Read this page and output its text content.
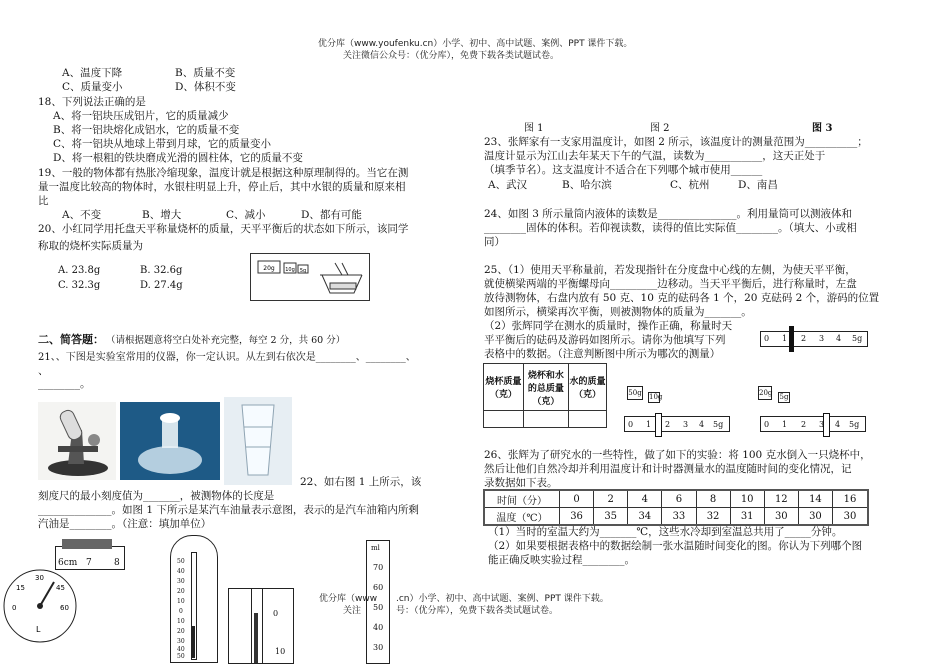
优分库（www.youfenku.cn）小学、初中、高中试题、案例、PPT 课件下载。
关注微信公众号：（优分库），免费下载各类试题试卷。
A、温度下降	B、质量不变
C、质量变小	D、体积不变
18、下列说法正确的是
A、将一铝块压成铝片，它的质量减少
B、将一铝块熔化成铝水，它的质量不变
C、将一铝块从地球上带到月球，它的质量变小
D、将一根粗的铁块磨成光滑的圆柱体，它的质量不变
19、一般的物体都有热胀冷缩现象，温度计就是根据这种原理制得的。当它在测
量一温度比较高的物体时，水银柱明显上升，停止后，其中水银的质量和原来相
比
A、不变	B、增大	C、减小	D、都有可能
20、小红同学用托盘天平称量烧杯的质量，天平平衡后的状态如下所示，该同学
称取的烧杯实际质量为
A. 23.8g	B. 32.6g
C. 32.3g	D. 27.4g
20g 10g 5g
二、简答题： （请根据题意将空白处补充完整，每空 2 分，共 60 分）
21、、下图是实验室常用的仪器，你一定认识。从左到右依次是________、________、
、
________。
22、如右图 1 上所示，该
刻度尺的最小刻度值为_______，被测物体的长度是
______________。如图 1 下所示是某汽车油量表示意图，表示的是汽车油箱内所剩
汽油是________。（注意：填加单位）
6cm 7 8
0
15
30
45
60
L
50
40
30
20
10
0
10
20
30
40
50
0
10
ml
70
60
50
40
30
优分库（www .cn）小学、初中、高中试题、案例、PPT 课件下载。
关注	号：（优分库），免费下载各类试题试卷。
图 1	图 2	图 3
23、张辉家有一支家用温度计，如图 2 所示，该温度计的测量范围为__________；
温度计显示为江山去年某天下午的气温，读数为___________，这天正处于
（填季节名）。这支温度计不适合在下列哪个城市使用______
A、武汉	B、哈尔滨	C、杭州	D、南昌
24、如图 3 所示量筒内液体的读数是_______________。利用量筒可以测液体和
________固体的体积。若仰视读数，读得的值比实际值________。（填大、小或相
同）
25、（1）使用天平称量前，若发现指针在分度盘中心线的左侧，为使天平平衡，
就使横梁两端的平衡螺母向_________边移动。当天平平衡后，进行称量时，左盘
放待测物体，右盘内放有 50 克、10 克的砝码各 1 个，20 克砝码 2 个，游码的位置
如图所示，横梁再次平衡，则被测物体的质量为_______。
（2）张辉同学在测水的质量时，操作正确，称量时天
平平衡后的砝码及游码如图所示。请你为他填写下列
表格中的数据。（注意判断图中所示为哪次的测量）
0 1 2 3 4 5g
烧杯质量（克）	烧杯和水的总质量（克）	水的质量（克）
			50g 10g
0 1 2 3 4 5g
20g 5g
0 1 2 3 4 5g
26、张辉为了研究水的一些特性，做了如下的实验：将 100 克水倒入一只烧杯中，
然后让他们自然冷却并利用温度计和计时器测量水的温度随时间的变化情况，记
录数据如下表。
时间（分）	0	2	4	6	8	10	12	14	16
温度（℃）	36	35	34	33	32	31	30	30	30
（1）当时的室温大约为_______℃，这些水冷却到室温总共用了_____分钟。
（2）如果要根据表格中的数据绘制一张水温随时间变化的图。你认为下列哪个图
能正确反映实验过程________。
